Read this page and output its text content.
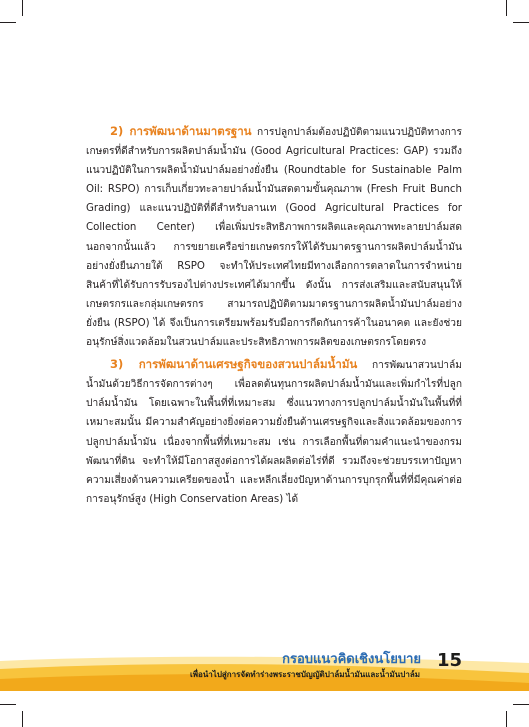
2) การพัฒนาด้านมาตรฐาน การปลูกปาล์มต้องปฏิบัติตามแนวปฏิบัติทางการเกษตรที่ดีสำหรับการผลิตปาล์มน้ำมัน (Good Agricultural Practices: GAP) รวมถึงแนวปฏิบัติในการผลิตน้ำมันปาล์มอย่างยั่งยืน (Roundtable for Sustainable Palm Oil: RSPO) การเก็บเกี่ยวทะลายปาล์มน้ำมันสดตามขั้นคุณภาพ (Fresh Fruit Bunch Grading) และแนวปฏิบัติที่ดีสำหรับลานเท (Good Agricultural Practices for Collection Center) เพื่อเพิ่มประสิทธิภาพการผลิตและคุณภาพทะลายปาล์มสด นอกจากนั้นแล้ว การขยายเครือข่ายเกษตรกรให้ได้รับมาตรฐานการผลิตปาล์มน้ำมันอย่างยั่งยืนภายใต้ RSPO จะทำให้ประเทศไทยมีทางเลือกการตลาดในการจำหน่ายสินค้าที่ได้รับการรับรองไปต่างประเทศได้มากขึ้น ดังนั้น การส่งเสริมและสนับสนุนให้เกษตรกรและกลุ่มเกษตรกร สามารถปฏิบัติตามมาตรฐานการผลิตน้ำมันปาล์มอย่างยั่งยืน (RSPO) ได้ จึงเป็นการเตรียมพร้อมรับมือการกีดกันการค้าในอนาคต และยังช่วยอนุรักษ์สิ่งแวดล้อมในสวนปาล์มและประสิทธิภาพการผลิตของเกษตรกรโดยตรง

3) การพัฒนาด้านเศรษฐกิจของสวนปาล์มน้ำมัน การพัฒนาสวนปาล์มน้ำมันด้วยวิธีการจัดการต่างๆ เพื่อลดต้นทุนการผลิตปาล์มน้ำมันและเพิ่มกำไรที่ปลูกปาล์มน้ำมัน โดยเฉพาะในพื้นที่ที่เหมาะสม ซึ่งแนวทางการปลูกปาล์มน้ำมันในพื้นที่ที่เหมาะสมนั้น มีความสำคัญอย่างยิ่งต่อความยั่งยืนด้านเศรษฐกิจและสิ่งแวดล้อมของการปลูกปาล์มน้ำมัน เนื่องจากพื้นที่ที่เหมาะสม เช่น การเลือกพื้นที่ตามคำแนะนำของกรมพัฒนาที่ดิน จะทำให้มีโอกาสสูงต่อการได้ผลผลิตต่อไร่ที่ดี รวมถึงจะช่วยบรรเทาปัญหาความเสี่ยงด้านความเครียดของน้ำ และหลีกเลี่ยงปัญหาด้านการบุกรุกพื้นที่ที่มีคุณค่าต่อการอนุรักษ์สูง (High Conservation Areas) ได้

กรอบแนวคิดเชิงนโยบาย
เพื่อนำไปสู่การจัดทำร่างพระราชบัญญัติปาล์มน้ำมันและน้ำมันปาล์ม
15
